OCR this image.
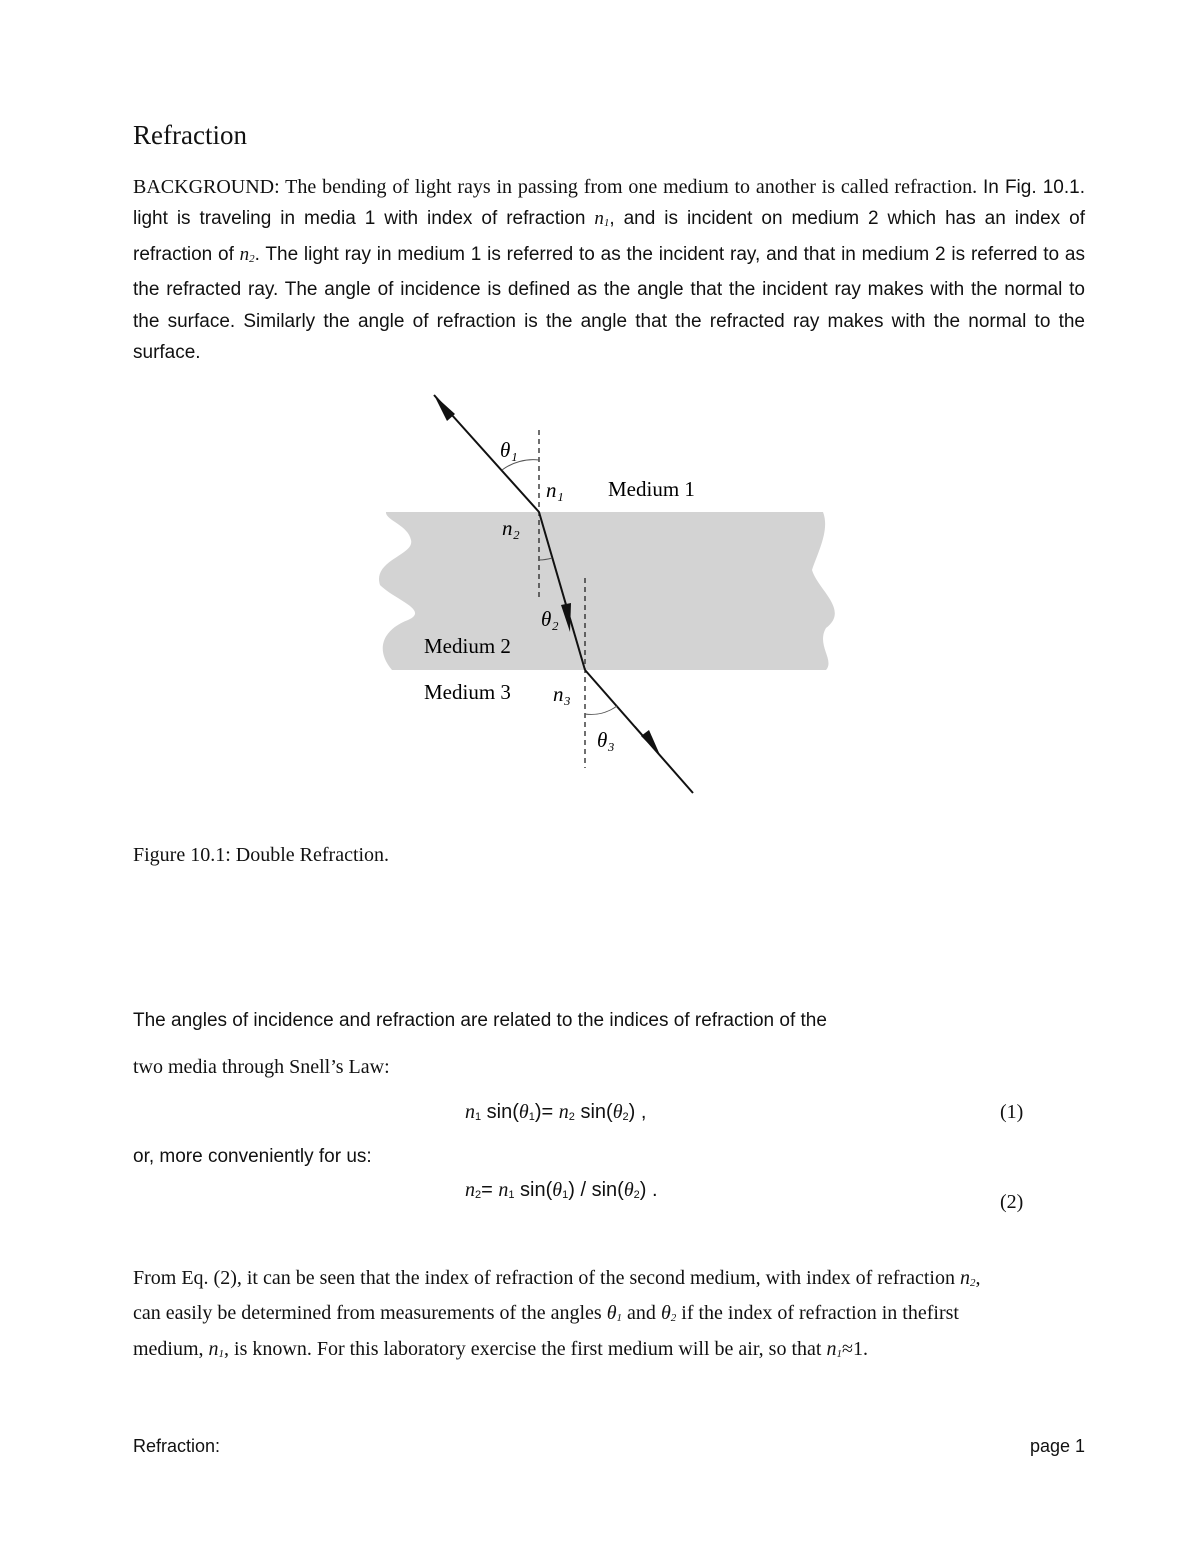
Refraction
BACKGROUND: The bending of light rays in passing from one medium to another is called refraction. In Fig. 10.1. light is traveling in media 1 with index of refraction $n_1$, and is incident on medium 2 which has an index of refraction of $n_2$. The light ray in medium 1 is referred to as the incident ray, and that in medium 2 is referred to as the refracted ray. The angle of incidence is defined as the angle that the incident ray makes with the normal to the surface. Similarly the angle of refraction is the angle that the refracted ray makes with the normal to the surface.
θ₁
n₁ Medium 1
n₂
θ₂
Medium 2
Medium 3 n₃
θ₃
Figure 10.1: Double Refraction.
The angles of incidence and refraction are related to the indices of refraction of the
two media through Snell’s Law:
$n_1$ $\sin(\theta_1)= n_2$ $\sin(\theta_2)$ ,	(1)
or, more conveniently for us:
$n_2= n_1$ $\sin(\theta_1) / \sin(\theta_2)$ .
(2)
From Eq. (2), it can be seen that the index of refraction of the second medium, with index of refraction $n_2$, can easily be determined from measurements of the angles $\theta_1$ and $\theta_2$ if the index of refraction in thefirst medium, $n_1$, is known. For this laboratory exercise the first medium will be air, so that $n_1\approx 1$.
Refraction:	page 1
